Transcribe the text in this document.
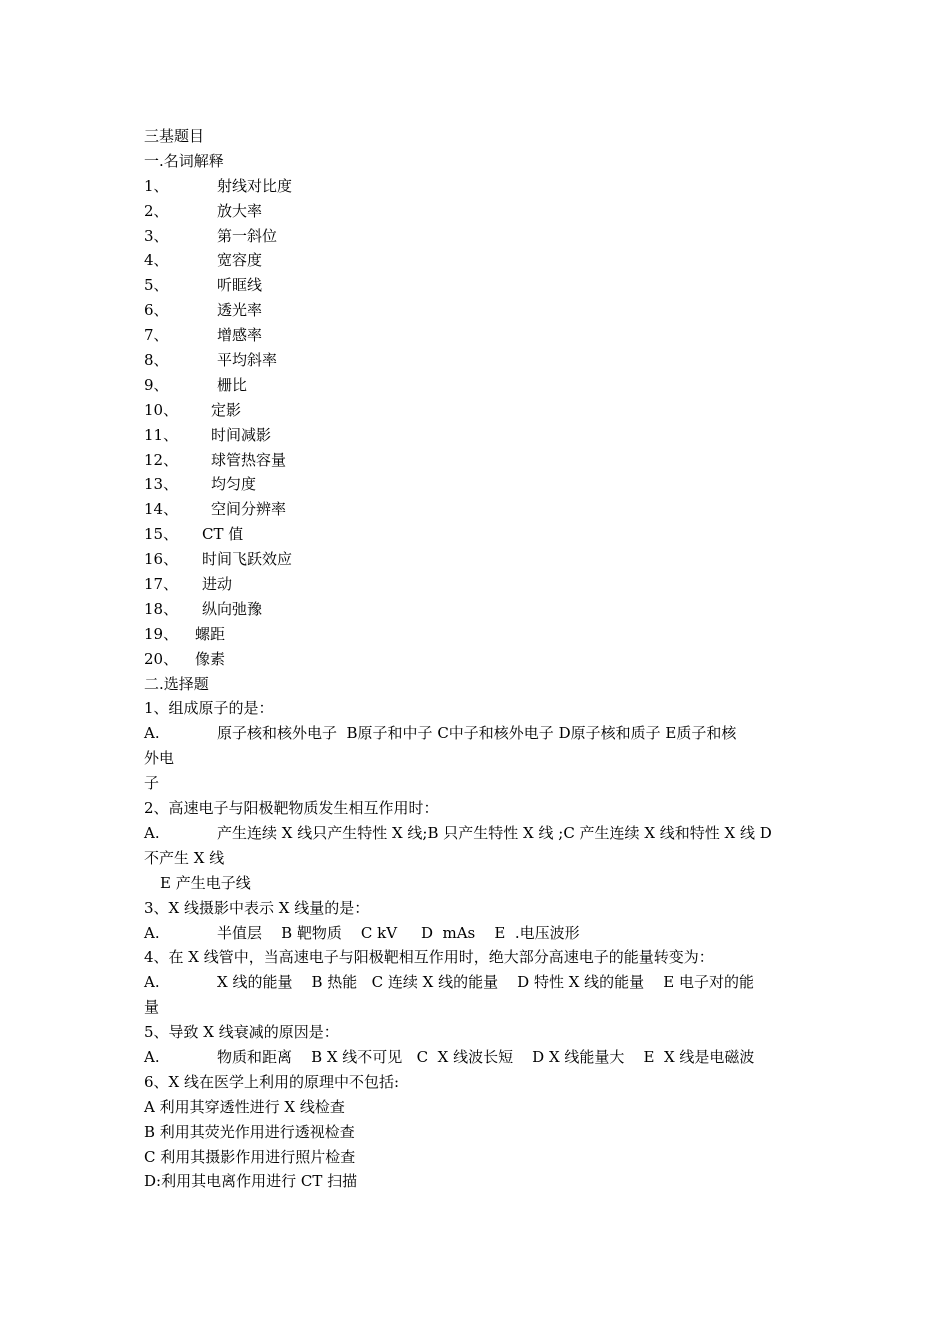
三基题目
一.名词解释
1、	射线对比度
2、	放大率
3、	第一斜位
4、	宽容度
5、	听眶线
6、	透光率
7、	增感率
8、	平均斜率
9、	栅比
10、 定影
11、 时间减影
12、 球管热容量
13、 均匀度
14、 空间分辨率
15、 CT 值
16、 时间飞跃效应
17、 进动
18、 纵向弛豫
19、 螺距
20、 像素
二.选择题
1、组成原子的是：
A.	原子核和核外电子  B原子和中子 C中子和核外电子 D原子核和质子 E质子和核
外电
子
2、高速电子与阳极靶物质发生相互作用时：
A.	产生连续 X 线只产生特性 X 线;B 只产生特性 X 线 ;C 产生连续 X 线和特性 X 线 D
不产生 X 线
E 产生电子线
3、X 线摄影中表示 X 线量的是：
A.	半值层    B 靶物质    C kV     D  mAs    E  .电压波形
4、在 X 线管中，当高速电子与阳极靶相互作用时，绝大部分高速电子的能量转变为：
A.	X 线的能量    B 热能   C 连续 X 线的能量    D 特性 X 线的能量    E 电子对的能
量
5、导致 X 线衰减的原因是：
A.	物质和距离    B X 线不可见   C  X 线波长短    D X 线能量大    E  X 线是电磁波
6、X 线在医学上利用的原理中不包括:
A 利用其穿透性进行 X 线检查
B 利用其荧光作用进行透视检查
C 利用其摄影作用进行照片检查
D:利用其电离作用进行 CT 扫描
